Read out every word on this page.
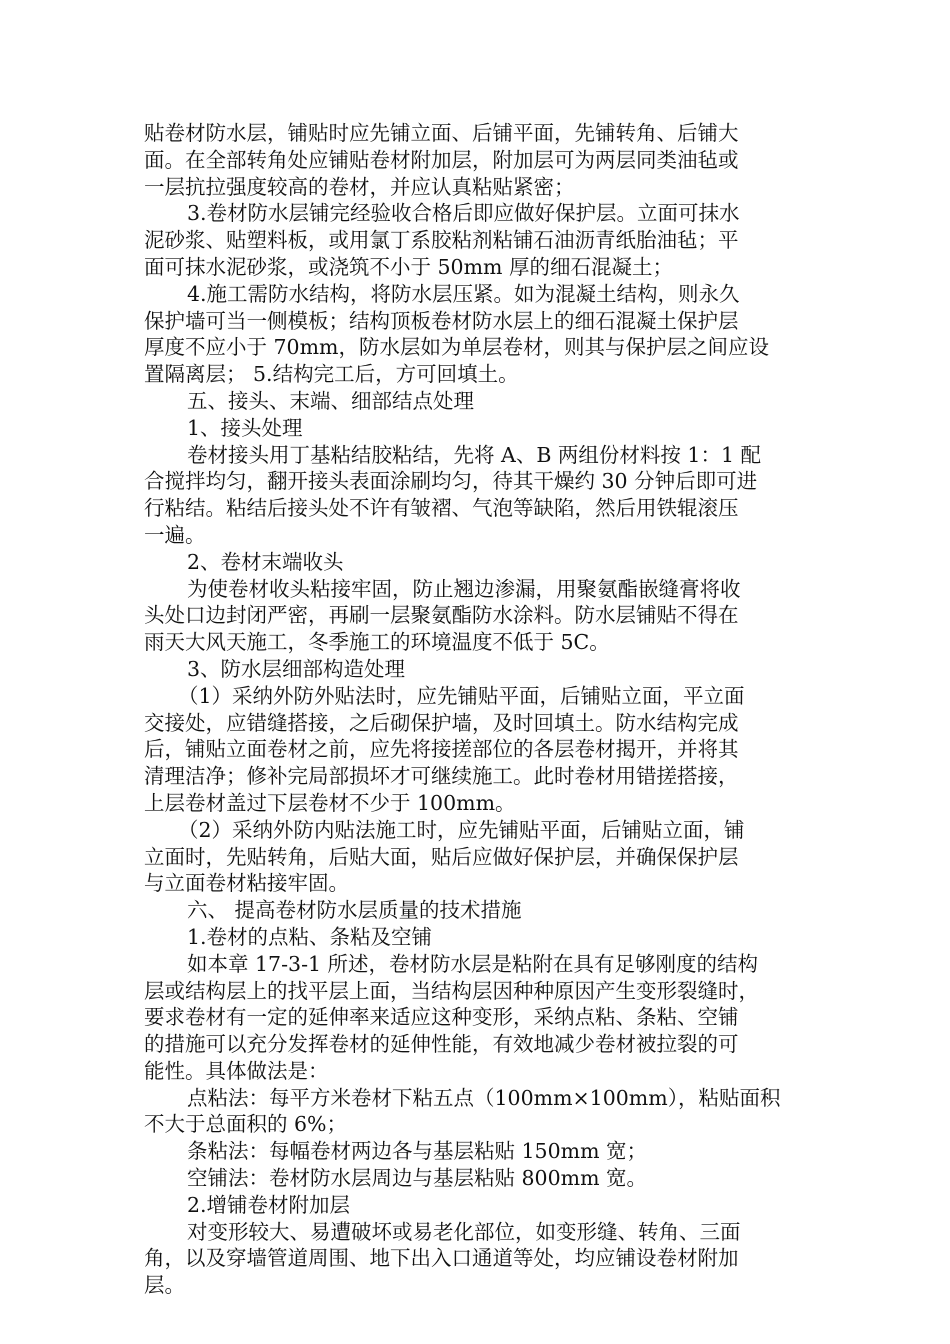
贴卷材防水层，铺贴时应先铺立面、后铺平面，先铺转角、后铺大
面。在全部转角处应铺贴卷材附加层，附加层可为两层同类油毡或
一层抗拉强度较高的卷材，并应认真粘贴紧密；
3.卷材防水层铺完经验收合格后即应做好保护层。立面可抹水
泥砂浆、贴塑料板，或用氯丁系胶粘剂粘铺石油沥青纸胎油毡；平
面可抹水泥砂浆，或浇筑不小于 50mm 厚的细石混凝土；
4.施工需防水结构，将防水层压紧。如为混凝土结构，则永久
保护墙可当一侧模板；结构顶板卷材防水层上的细石混凝土保护层
厚度不应小于 70mm，防水层如为单层卷材，则其与保护层之间应设
置隔离层； 5.结构完工后，方可回填土。
五、接头、末端、细部结点处理
1、接头处理
卷材接头用丁基粘结胶粘结，先将 A、B 两组份材料按 1：1 配
合搅拌均匀，翻开接头表面涂刷均匀，待其干燥约 30 分钟后即可进
行粘结。粘结后接头处不许有皱褶、气泡等缺陷，然后用铁辊滚压
一遍。
2、卷材末端收头
为使卷材收头粘接牢固，防止翘边渗漏，用聚氨酯嵌缝膏将收
头处口边封闭严密，再刷一层聚氨酯防水涂料。防水层铺贴不得在
雨天大风天施工，冬季施工的环境温度不低于 5C。
3、防水层细部构造处理
（1）采纳外防外贴法时，应先铺贴平面，后铺贴立面，平立面
交接处，应错缝搭接，之后砌保护墙，及时回填土。防水结构完成
后，铺贴立面卷材之前，应先将接搓部位的各层卷材揭开，并将其
清理洁净；修补完局部损坏才可继续施工。此时卷材用错搓搭接，
上层卷材盖过下层卷材不少于 100mm。
（2）采纳外防内贴法施工时，应先铺贴平面，后铺贴立面，铺
立面时，先贴转角，后贴大面，贴后应做好保护层，并确保保护层
与立面卷材粘接牢固。
六、 提高卷材防水层质量的技术措施
1.卷材的点粘、条粘及空铺
如本章 17-3-1 所述，卷材防水层是粘附在具有足够刚度的结构
层或结构层上的找平层上面，当结构层因种种原因产生变形裂缝时，
要求卷材有一定的延伸率来适应这种变形，采纳点粘、条粘、空铺
的措施可以充分发挥卷材的延伸性能，有效地减少卷材被拉裂的可
能性。具体做法是：
点粘法：每平方米卷材下粘五点（100mm×100mm），粘贴面积
不大于总面积的 6%；
条粘法：每幅卷材两边各与基层粘贴 150mm 宽；
空铺法：卷材防水层周边与基层粘贴 800mm 宽。
2.增铺卷材附加层
对变形较大、易遭破坏或易老化部位，如变形缝、转角、三面
角，以及穿墙管道周围、地下出入口通道等处，均应铺设卷材附加
层。
